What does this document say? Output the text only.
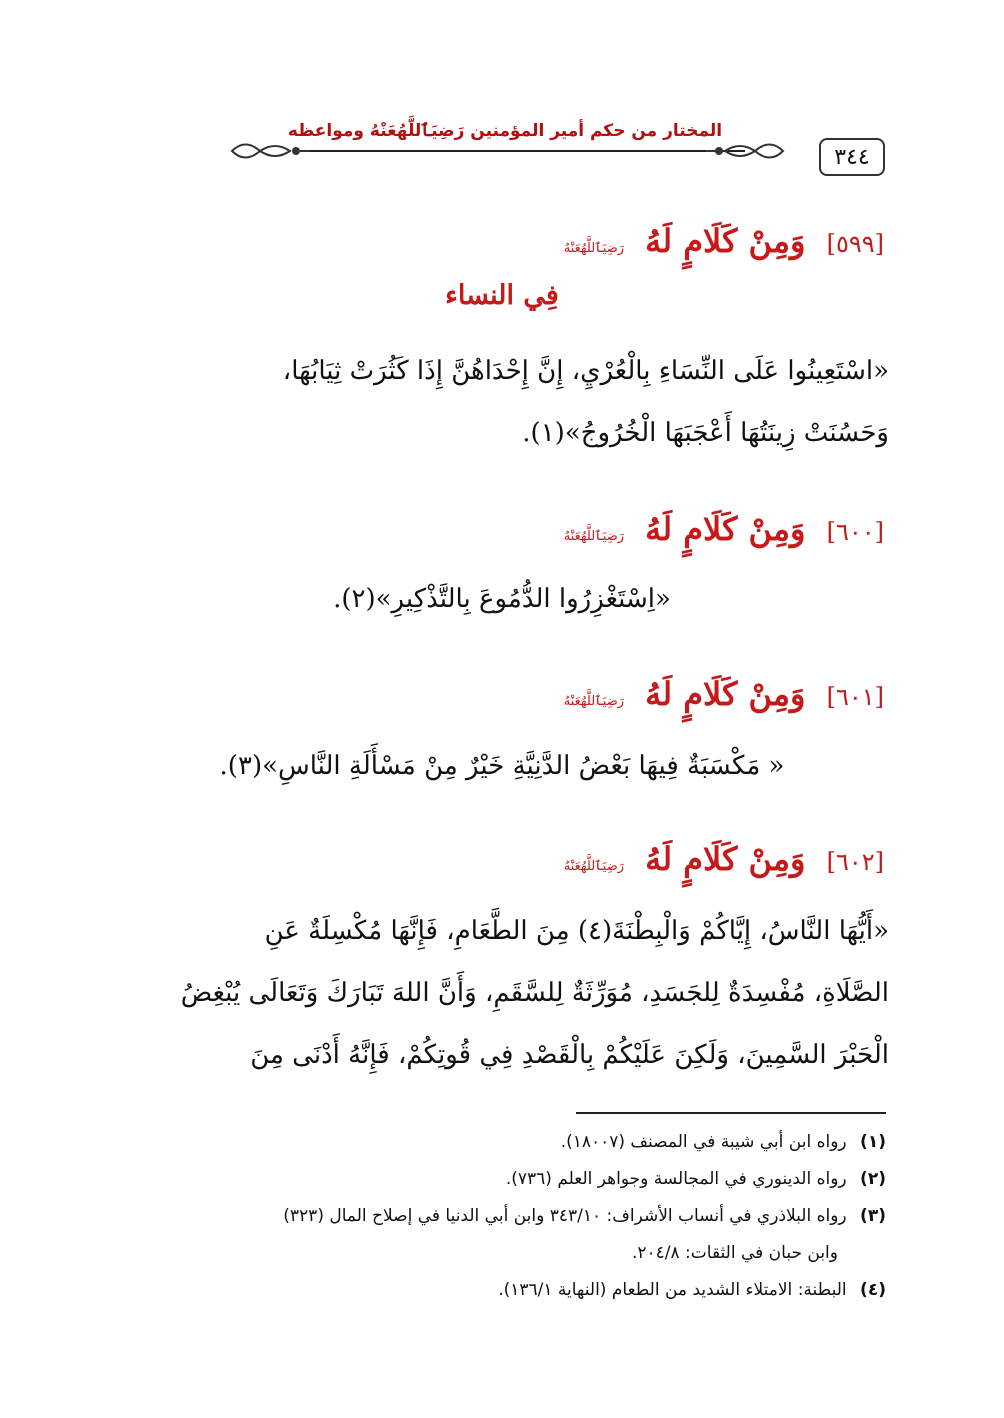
٣٤٤
المختار من حكم أمير المؤمنين رَضِيَٱللَّهُعَنْهُ ومواعظه
[٥٩٩] وَمِنْ كَلَامٍ لَهُ رَضِيَٱللَّهُعَنْهُ
فِي النساء
«اسْتَعِينُوا عَلَى النِّسَاءِ بِالْعُرْيِ، إِنَّ إِحْدَاهُنَّ إِذَا كَثُرَتْ ثِيَابُهَا،
وَحَسُنَتْ زِينَتُهَا أَعْجَبَهَا الْخُرُوجُ»(١).
[٦٠٠] وَمِنْ كَلَامٍ لَهُ رَضِيَٱللَّهُعَنْهُ
«اِسْتَغْزِرُوا الدُّمُوعَ بِالتَّذْكِيرِ»(٢).
[٦٠١] وَمِنْ كَلَامٍ لَهُ رَضِيَٱللَّهُعَنْهُ
« مَكْسَبَةٌ فِيهَا بَعْضُ الدَّنِيَّةِ خَيْرٌ مِنْ مَسْأَلَةِ النَّاسِ»(٣).
[٦٠٢] وَمِنْ كَلَامٍ لَهُ رَضِيَٱللَّهُعَنْهُ
«أَيُّهَا النَّاسُ، إِيَّاكُمْ وَالْبِطْنَةَ(٤) مِنَ الطَّعَامِ، فَإِنَّهَا مُكْسِلَةٌ عَنِ
الصَّلَاةِ، مُفْسِدَةٌ لِلجَسَدِ، مُوَرِّثَةٌ لِلسَّقَمِ، وَأَنَّ اللهَ تَبَارَكَ وَتَعَالَى يُبْغِضُ
الْحَبْرَ السَّمِينَ، وَلَكِنَ عَلَيْكُمْ بِالْقَصْدِ فِي قُوتِكُمْ، فَإِنَّهُ أَدْنَى مِنَ
(١) رواه ابن أبي شيبة في المصنف (١٨٠٠٧).
(٢) رواه الدينوري في المجالسة وجواهر العلم (٧٣٦).
(٣) رواه البلاذري في أنساب الأشراف: ٣٤٣/١٠ وابن أبي الدنيا في إصلاح المال (٣٢٣)
وابن حبان في الثقات: ٢٠٤/٨.
(٤) البطنة: الامتلاء الشديد من الطعام (النهاية ١٣٦/١).
